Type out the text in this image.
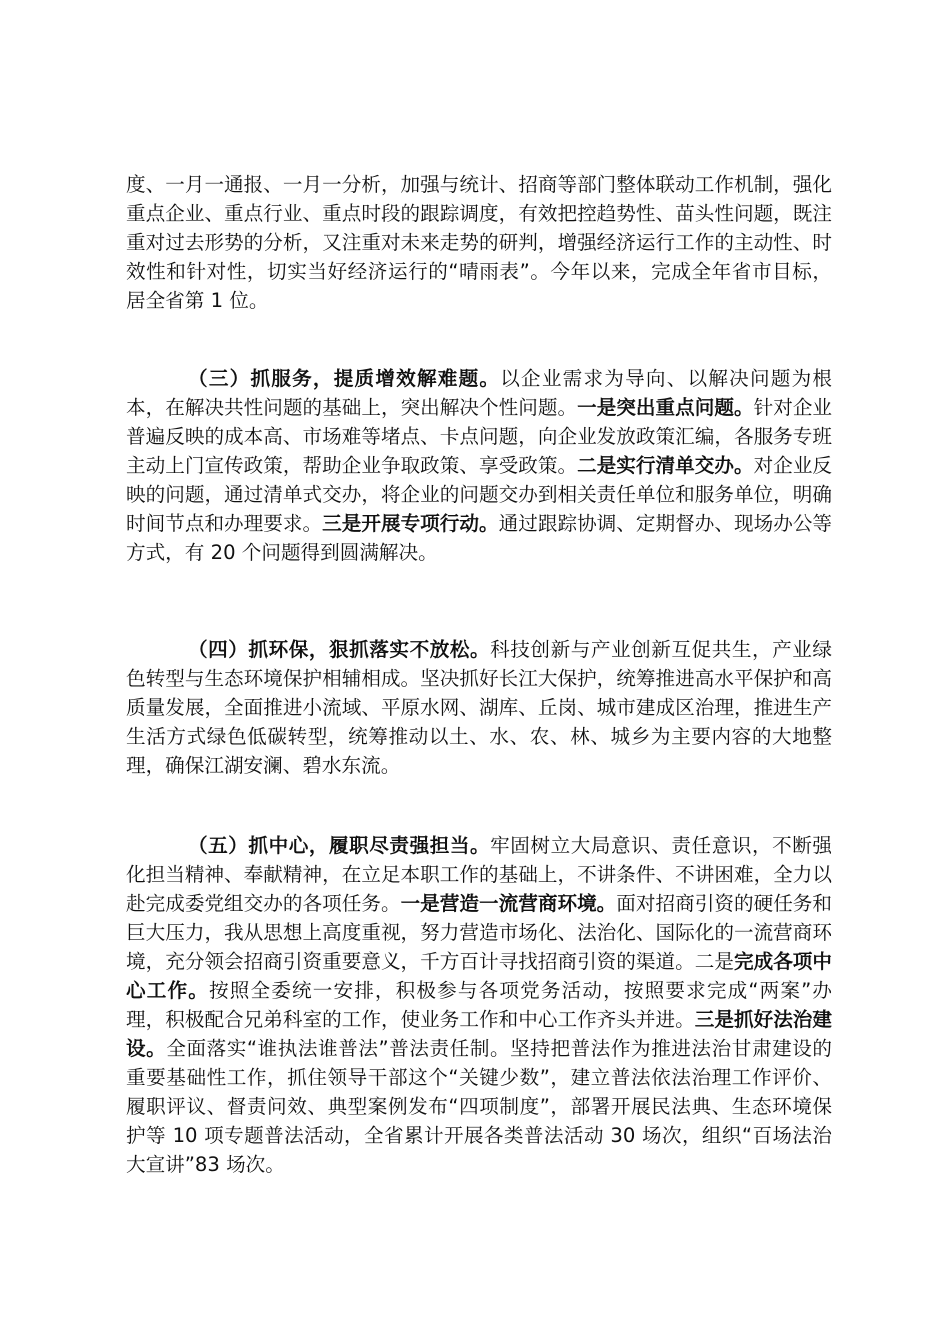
度、一月一通报、一月一分析，加强与统计、招商等部门整体联动工作机制，强化重点企业、重点行业、重点时段的跟踪调度，有效把控趋势性、苗头性问题，既注重对过去形势的分析，又注重对未来走势的研判，增强经济运行工作的主动性、时效性和针对性，切实当好经济运行的“晴雨表”。今年以来，完成全年省市目标，居全省第 1 位。

（三）抓服务，提质增效解难题。以企业需求为导向、以解决问题为根本，在解决共性问题的基础上，突出解决个性问题。一是突出重点问题。针对企业普遍反映的成本高、市场难等堵点、卡点问题，向企业发放政策汇编，各服务专班主动上门宣传政策，帮助企业争取政策、享受政策。二是实行清单交办。对企业反映的问题，通过清单式交办，将企业的问题交办到相关责任单位和服务单位，明确时间节点和办理要求。三是开展专项行动。通过跟踪协调、定期督办、现场办公等方式，有 20 个问题得到圆满解决。

（四）抓环保，狠抓落实不放松。科技创新与产业创新互促共生，产业绿色转型与生态环境保护相辅相成。坚决抓好长江大保护，统筹推进高水平保护和高质量发展，全面推进小流域、平原水网、湖库、丘岗、城市建成区治理，推进生产生活方式绿色低碳转型，统筹推动以土、水、农、林、城乡为主要内容的大地整理，确保江湖安澜、碧水东流。

（五）抓中心，履职尽责强担当。牢固树立大局意识、责任意识，不断强化担当精神、奉献精神，在立足本职工作的基础上，不讲条件、不讲困难，全力以赴完成委党组交办的各项任务。一是营造一流营商环境。面对招商引资的硬任务和巨大压力，我从思想上高度重视，努力营造市场化、法治化、国际化的一流营商环境，充分领会招商引资重要意义，千方百计寻找招商引资的渠道。二是完成各项中心工作。按照全委统一安排，积极参与各项党务活动，按照要求完成“两案”办理，积极配合兄弟科室的工作，使业务工作和中心工作齐头并进。三是抓好法治建设。全面落实“谁执法谁普法”普法责任制。坚持把普法作为推进法治甘肃建设的重要基础性工作，抓住领导干部这个“关键少数”，建立普法依法治理工作评价、履职评议、督责问效、典型案例发布“四项制度”，部署开展民法典、生态环境保护等 10 项专题普法活动，全省累计开展各类普法活动 30 场次，组织“百场法治大宣讲”83 场次。
